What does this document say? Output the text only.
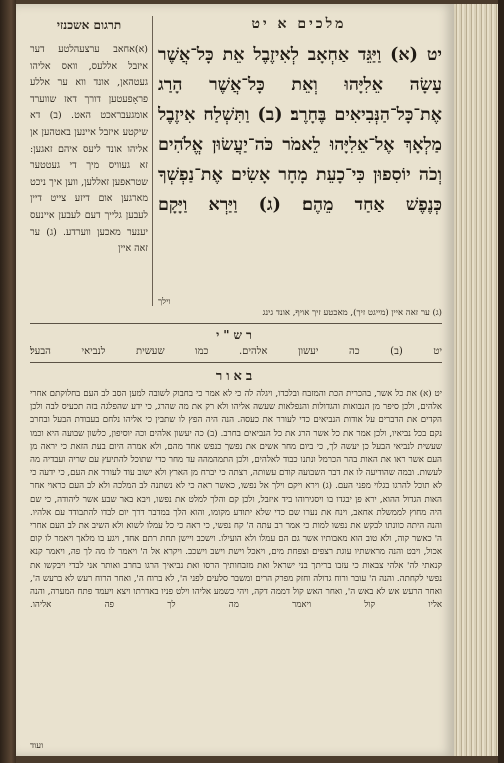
תרגום אשכנזי
(א)אחאב ערצעהלטע דער איזבל אללעס, וואס אליהו געטהאן, אונד ווא ער אללע פראָפעטען דורך דאז שווערד אומגעבראכט האט. (ב) דא שיקטע איזבל איינען באטהען אן אליהו אונד ליעס איהם זאגען: זא געוויס מיך די געטטער שטראפען זאללען, ווען איך ניכט מארגען אום דיזע צייט דיין לעבען גלייך דעם לעבען איינעס יענער מאכען ווערדע. (ג) ער זאה איין
מלכים א יט
יט (א) וַיַּגֵּד אַחְאָב לְאִיזֶבֶל אֵת כָּל־אֲשֶׁר עָשָׂה אֵלִיָּהוּ וְאֵת כָּל־אֲשֶׁר הָרַג אֶת־כָּל־הַנְּבִיאִים בֶּחָרֶב׃ (ב) וַתִּשְׁלַח אִיזֶבֶל מַלְאָךְ אֶל־אֵלִיָּהוּ לֵאמֹר כֹּה־יַעֲשׂוּן אֱלֹהִים וְכֹה יוֹסִפוּן כִּי־כָעֵת מָחָר אָשִׂים אֶת־נַפְשְׁךָ כְּנֶפֶשׁ אַחַד מֵהֶם׃ (ג) וַיַּרְא וַיָּקָם
וילך
(ג) ער זאה איין (מייגט זיך), מאכטע זיך אויף, אונד גינג
רש"י
יט (ב) כה יעשון אלהים. כמו שעשית לנביאי הבעל׃
באור
יט (א) את כל אשר, בהכרית הכת והמזבח ובלכדו, ויגלה לה כי לא אמר כי בחבוק לשובה למען הסב לב העם בחלוקתם אחרי אלהים, ולכן סיפר מן הנבואות והגדולות והנפלאות שעשה אליהו ולא רק את מה שהרג, כי ידע שהפלגה בזה תכעיס לבה ולכן הקדים את הדברים על אודות הנביאים כדי לעורר את כעסה. הנה היה הפץ לו שתבין כי אליהו נלחם בעבודת הבעל ובחרב נקם בכל נביאיו, ולכן אמר את כל אשר הרג את כל הנביאים בחרב. (ב) כה יעשון אלהים וכה יוסיפון, כלשון שבועה היא וכמו שעשית לנביאי הבעל כן יעשה לך, כי ביום מחר אשים את נפשך כנפש אחד מהם, ולא אמרה היום בעת הזאת כי יראה מן העם אשר ראו את האות בהר הכרמל ונתנו כבוד לאלהים, ולכן התמהמהה עד מחר כדי שתוכל להתיעץ עם שריה ועבדיה מה לעשות. ובמה שהודיעה לו את דבר השבועה קודם עשותה, רצתה כי יברח מן הארץ ולא ישוב עוד לעורר את העם, כי ידעה כי לא תוכל להרגו בגלוי מפני העם. (ג) וירא ויקם וילך אל נפשו, כאשר ראה כי לא נשתנה לב המלכה ולא לב העם כראוי אחר האות הגדול ההוא, ירא פן יבגדו בו ויסגירוהו ביד איזבל, ולכן קם והלך למלט את נפשו, ויבא באר שבע אשר ליהודה, כי שם היה מחוץ לממשלת אחאב, וינח את נערו שם כדי שלא יתודע מקומו, והוא הלך במדבר דרך יום לבדו להתבודד עם אלהיו. והנה היתה כוונתו לבקש את נפשו למות כי אמר רב עתה ה' קח נפשי, כי ראה כי כל עמלו לשוא ולא השיב את לב העם אחרי ה' כאשר קוה, ולא טוב הוא מאבותיו אשר גם הם עמלו ולא הועילו. וישכב ויישן תחת רתם אחד, ויגע בו מלאך ויאמר לו קום אכול, ויבט והנה מראשתיו עוגת רצפים וצפחת מים, ויאכל וישת וישב וישכב. ויקרא אל ה' ויאמר לו מה לך פה, ויאמר קנא קנאתי לה' אלהי צבאות כי עזבו בריתך בני ישראל ואת מזבחותיך הרסו ואת נביאיך הרגו בחרב ואותר אני לבדי ויבקשו את נפשי לקחתה. והנה ה' עובר ורוח גדולה וחזק מפרק הרים ומשבר סלעים לפני ה', לא ברוח ה', ואחר הרוח רעש לא ברעש ה', ואחר הרעש אש לא באש ה', ואחר האש קול דממה דקה, ויהי כשמע אליהו וילט פניו באדרתו ויצא ויעמד פתח המערה, והנה אליו קול ויאמר מה לך פה אליהו.
ועוד
